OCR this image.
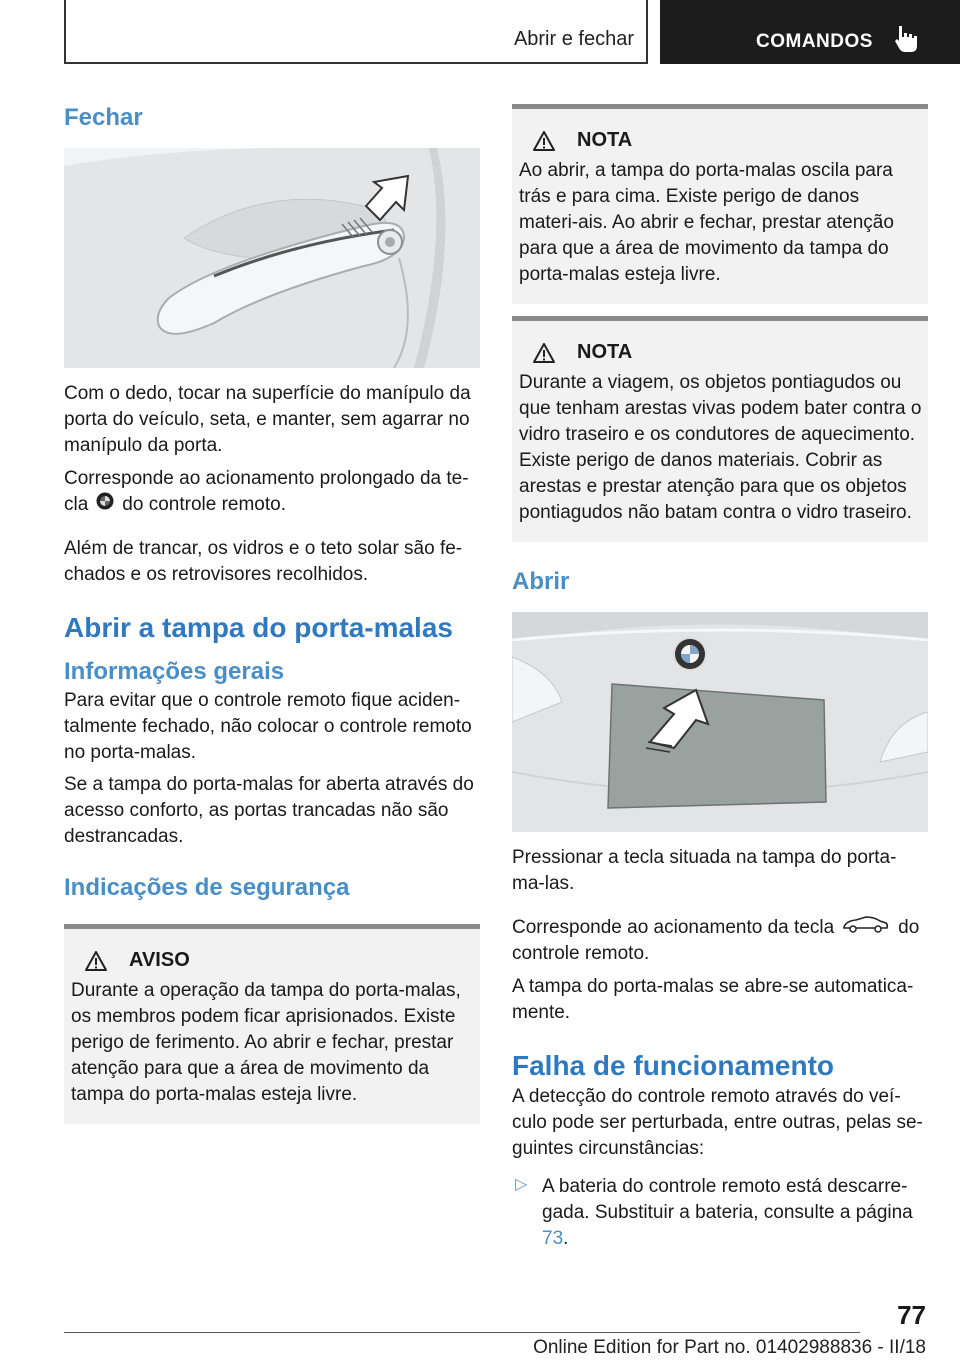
Abrir e fechar	COMANDOS
Fechar

Com o dedo, tocar na superfície do manípulo da porta do veículo, seta, e manter, sem agarrar no manípulo da porta.

Corresponde ao acionamento prolongado da te-cla do controle remoto.

Além de trancar, os vidros e o teto solar são fe-chados e os retrovisores recolhidos.

Abrir a tampa do porta-malas
Informações gerais

Para evitar que o controle remoto fique aciden-talmente fechado, não colocar o controle remoto no porta-malas.

Se a tampa do porta-malas for aberta através do acesso conforto, as portas trancadas não são destrancadas.

Indicações de segurança
AVISO

Durante a operação da tampa do porta-malas, os membros podem ficar aprisionados. Existe perigo de ferimento. Ao abrir e fechar, prestar atenção para que a área de movimento da tampa do porta-malas esteja livre.

NOTA

Ao abrir, a tampa do porta-malas oscila para trás e para cima. Existe perigo de danos materi-ais. Ao abrir e fechar, prestar atenção para que a área de movimento da tampa do porta-malas esteja livre.

NOTA

Durante a viagem, os objetos pontiagudos ou que tenham arestas vivas podem bater contra o vidro traseiro e os condutores de aquecimento. Existe perigo de danos materiais. Cobrir as arestas e prestar atenção para que os objetos pontiagudos não batam contra o vidro traseiro.

Abrir

Pressionar a tecla situada na tampa do porta-ma-las.

Corresponde ao acionamento da tecla	do controle remoto.

A tampa do porta-malas se abre-se automatica-mente.

Falha de funcionamento

A detecção do controle remoto através do veí-culo pode ser perturbada, entre outras, pelas se-guintes circunstâncias:

▷ A bateria do controle remoto está descarre-gada. Substituir a bateria, consulte a página 73.

77
Online Edition for Part no. 01402988836 - II/18
